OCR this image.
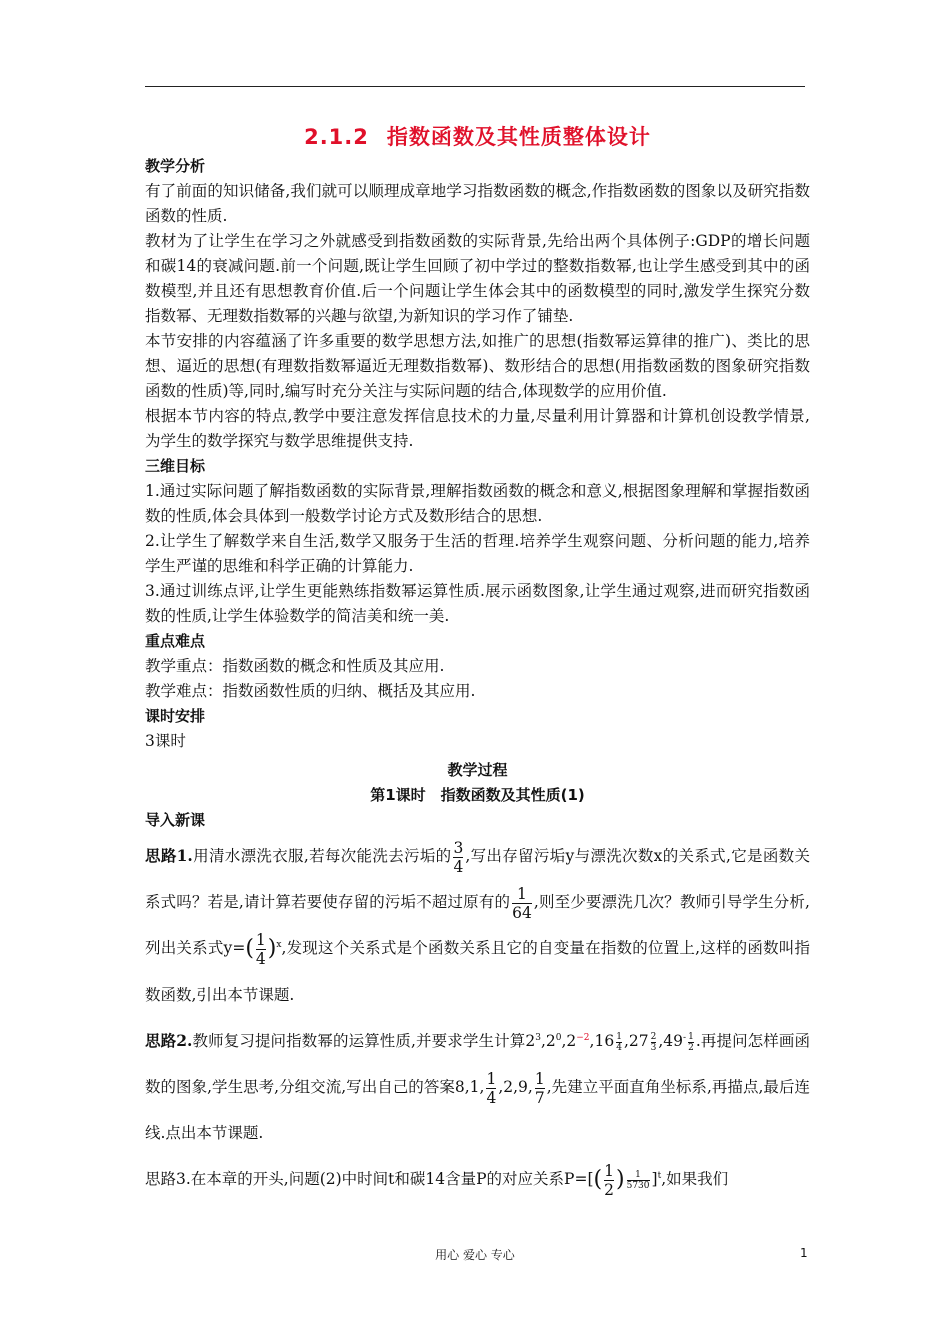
2.1.2 指数函数及其性质整体设计

教学分析

有了前面的知识储备,我们就可以顺理成章地学习指数函数的概念,作指数函数的图象以及研究指数函数的性质.

教材为了让学生在学习之外就感受到指数函数的实际背景,先给出两个具体例子:GDP的增长问题和碳14的衰减问题.前一个问题,既让学生回顾了初中学过的整数指数幂,也让学生感受到其中的函数模型,并且还有思想教育价值.后一个问题让学生体会其中的函数模型的同时,激发学生探究分数指数幂、无理数指数幂的兴趣与欲望,为新知识的学习作了铺垫.

本节安排的内容蕴涵了许多重要的数学思想方法,如推广的思想(指数幂运算律的推广)、类比的思想、逼近的思想(有理数指数幂逼近无理数指数幂)、数形结合的思想(用指数函数的图象研究指数函数的性质)等,同时,编写时充分关注与实际问题的结合,体现数学的应用价值.

根据本节内容的特点,教学中要注意发挥信息技术的力量,尽量利用计算器和计算机创设教学情景,为学生的数学探究与数学思维提供支持.

三维目标

1.通过实际问题了解指数函数的实际背景,理解指数函数的概念和意义,根据图象理解和掌握指数函数的性质,体会具体到一般数学讨论方式及数形结合的思想.

2.让学生了解数学来自生活,数学又服务于生活的哲理.培养学生观察问题、分析问题的能力,培养学生严谨的思维和科学正确的计算能力.

3.通过训练点评,让学生更能熟练指数幂运算性质.展示函数图象,让学生通过观察,进而研究指数函数的性质,让学生体验数学的简洁美和统一美.

重点难点

教学重点：指数函数的概念和性质及其应用.

教学难点：指数函数性质的归纳、概括及其应用.

课时安排

3课时

教学过程

第1课时　指数函数及其性质(1)

导入新课

思路1.用清水漂洗衣服,若每次能洗去污垢的 $\frac{3}{4}$ ,写出存留污垢y与漂洗次数x的关系式,它是函数关系式吗？若是,请计算若要使存留的污垢不超过原有的 $\frac{1}{64}$ ,则至少要漂洗几次？教师引导学生分析,列出关系式$y=( \frac{1}{4} )^x$,发现这个关系式是个函数关系且它的自变量在指数的位置上,这样的函数叫指数函数,引出本节课题.

思路2.教师复习提问指数幂的运算性质,并要求学生计算$2^3,2^0,2^{-2},16 \frac{1}{4} ,27 \frac{2}{3} ,49^- \frac{1}{2}$ .再提问怎样画函数的图象,学生思考,分组交流,写出自己的答案8,1, $\frac{1}{4} ,2,9$, $\frac{1}{7}$ ,先建立平面直角坐标系,再描点,最后连线.点出本节课题.

思路3.在本章的开头,问题(2)中时间t和碳14含量P的对应关系$P=[( \frac{1}{2}$ ) $\frac{1}{5730} ]^t$,如果我们

用心 爱心 专心	1
